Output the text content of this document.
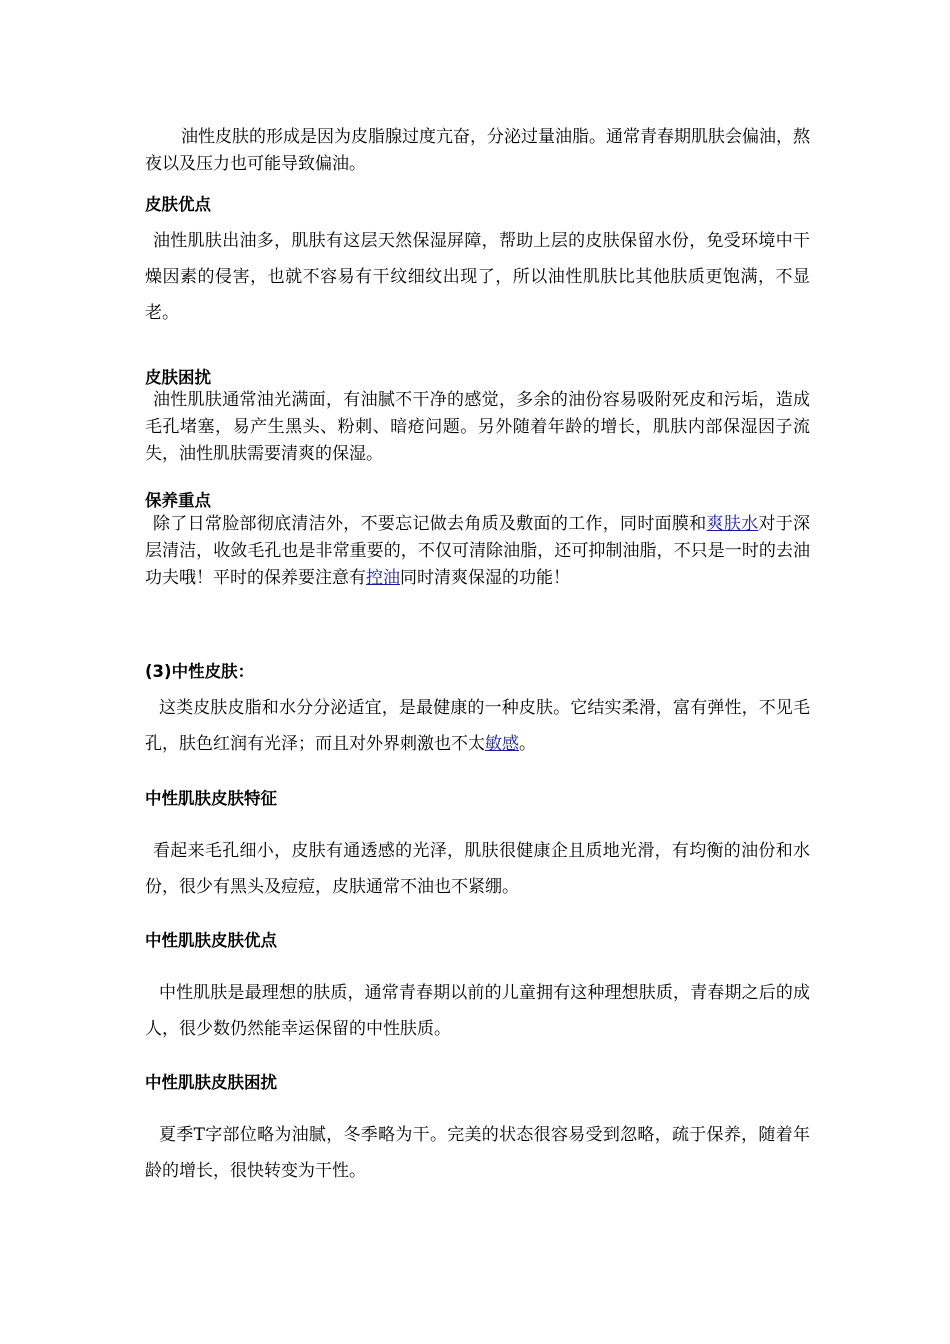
油性皮肤的形成是因为皮脂腺过度亢奋，分泌过量油脂。通常青春期肌肤会偏油，熬夜以及压力也可能导致偏油。

皮肤优点

油性肌肤出油多，肌肤有这层天然保湿屏障，帮助上层的皮肤保留水份，免受环境中干燥因素的侵害，也就不容易有干纹细纹出现了，所以油性肌肤比其他肤质更饱满，不显老。

皮肤困扰

油性肌肤通常油光满面，有油腻不干净的感觉，多余的油份容易吸附死皮和污垢，造成毛孔堵塞，易产生黑头、粉刺、暗疮问题。另外随着年龄的增长，肌肤内部保湿因子流失，油性肌肤需要清爽的保湿。

保养重点

除了日常脸部彻底清洁外，不要忘记做去角质及敷面的工作，同时面膜和爽肤水对于深层清洁，收敛毛孔也是非常重要的，不仅可清除油脂，还可抑制油脂，不只是一时的去油功夫哦！平时的保养要注意有控油同时清爽保湿的功能！

(3)中性皮肤：

这类皮肤皮脂和水分分泌适宜，是最健康的一种皮肤。它结实柔滑，富有弹性，不见毛孔，肤色红润有光泽；而且对外界刺激也不太敏感。

中性肌肤皮肤特征

看起来毛孔细小，皮肤有通透感的光泽，肌肤很健康企且质地光滑，有均衡的油份和水份，很少有黑头及痘痘，皮肤通常不油也不紧绷。

中性肌肤皮肤优点

中性肌肤是最理想的肤质，通常青春期以前的儿童拥有这种理想肤质，青春期之后的成人，很少数仍然能幸运保留的中性肤质。

中性肌肤皮肤困扰

夏季T字部位略为油腻，冬季略为干。完美的状态很容易受到忽略，疏于保养，随着年龄的增长，很快转变为干性。
